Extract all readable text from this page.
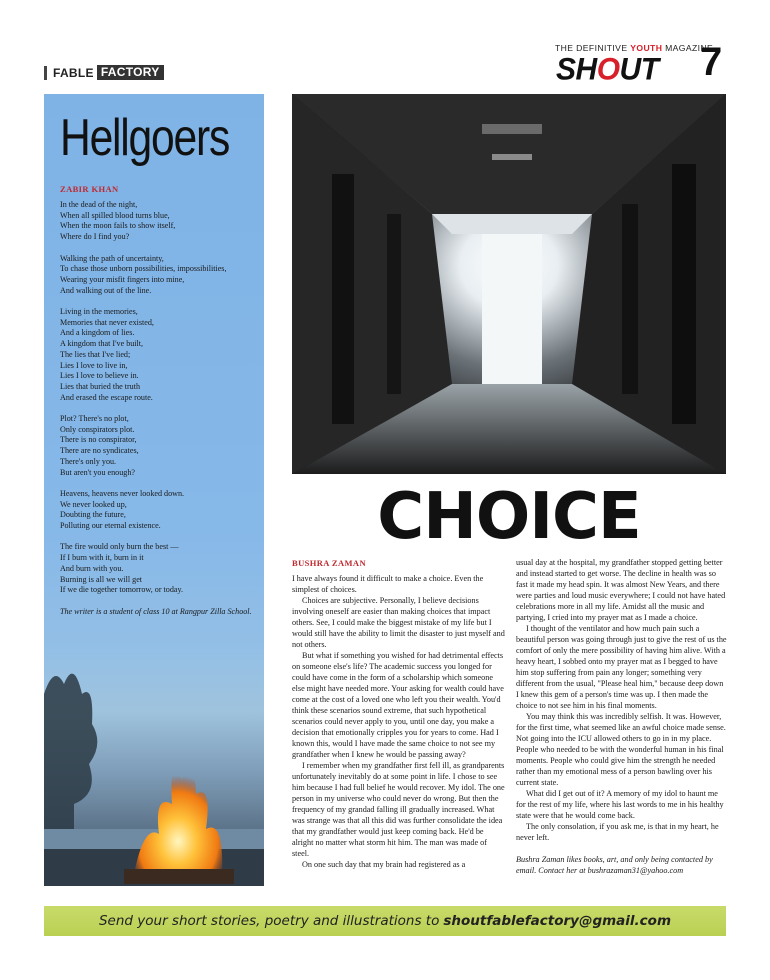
FABLE FACTORY
THE DEFINITIVE YOUTH MAGAZINE
SHOUT 7
Hellgoers
ZABIR KHAN
In the dead of the night,
When all spilled blood turns blue,
When the moon fails to show itself,
Where do I find you?
Walking the path of uncertainty,
To chase those unborn possibilities, impossibilities,
Wearing your misfit fingers into mine,
And walking out of the line.
Living in the memories,
Memories that never existed,
And a kingdom of lies.
A kingdom that I've built,
The lies that I've lied;
Lies I love to live in,
Lies I love to believe in.
Lies that buried the truth
And erased the escape route.
Plot? There's no plot,
Only conspirators plot.
There is no conspirator,
There are no syndicates,
There's only you.
But aren't you enough?
Heavens, heavens never looked down.
We never looked up,
Doubting the future,
Polluting our eternal existence.
The fire would only burn the best —
If I burn with it, burn in it
And burn with you.
Burning is all we will get
If we die together tomorrow, or today.
The writer is a student of class 10 at Rangpur Zilla School.
CHOICE
BUSHRA ZAMAN

I have always found it difficult to make a choice. Even the simplest of choices.

Choices are subjective. Personally, I believe decisions involving oneself are easier than making choices that impact others. See, I could make the biggest mistake of my life but I would still have the ability to limit the disaster to just myself and not others.

But what if something you wished for had detrimental effects on someone else's life? The academic success you longed for could have come in the form of a scholarship which someone else might have needed more. Your asking for wealth could have come at the cost of a loved one who left you their wealth. You'd think these scenarios sound extreme, that such hypothetical scenarios could never apply to you, until one day, you make a decision that emotionally cripples you for years to come. Had I known this, would I have made the same choice to not see my grandfather when I knew he would be passing away?

I remember when my grandfather first fell ill, as grandparents unfortunately inevitably do at some point in life. I chose to see him because I had full belief he would recover. My idol. The one person in my universe who could never do wrong. But then the frequency of my grandad falling ill gradually increased. What was strange was that all this did was further consolidate the idea that my grandfather would just keep coming back. He'd be alright no matter what storm hit him. The man was made of steel.

On one such day that my brain had registered as a

usual day at the hospital, my grandfather stopped getting better and instead started to get worse. The decline in health was so fast it made my head spin. It was almost New Years, and there were parties and loud music everywhere; I could not have hated celebrations more in all my life. Amidst all the music and partying, I cried into my prayer mat as I made a choice.

I thought of the ventilator and how much pain such a beautiful person was going through just to give the rest of us the comfort of only the mere possibility of having him alive. With a heavy heart, I sobbed onto my prayer mat as I begged to have him stop suffering from pain any longer; something very different from the usual, "Please heal him," because deep down I knew this gem of a person's time was up. I then made the choice to not see him in his final moments.

You may think this was incredibly selfish. It was. However, for the first time, what seemed like an awful choice made sense. Not going into the ICU allowed others to go in in my place. People who needed to be with the wonderful human in his final moments. People who could give him the strength he needed rather than my emotional mess of a person bawling over his current state.

What did I get out of it? A memory of my idol to haunt me for the rest of my life, where his last words to me in his healthy state were that he would come back.

The only consolation, if you ask me, is that in my heart, he never left.

Bushra Zaman likes books, art, and only being contacted by email. Contact her at bushrazaman31@yahoo.com

Send your short stories, poetry and illustrations to shoutfablefactory@gmail.com
